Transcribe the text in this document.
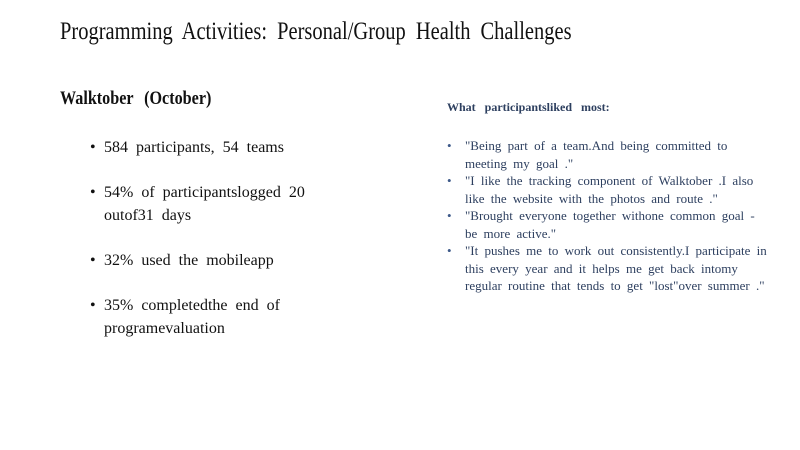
Programming Activities: Personal/Group Health Challenges
Walktober (October)
• 584 participants, 54 teams
• 54% of participantslogged 20 outof31 days
• 32% used the mobileapp
• 35% completedthe end of programevaluation
What participantsliked most:
• "Being part of a team.And being committed to meeting my goal ."
• "I like the tracking component of Walktober .I also like the website with the photos and route ."
• "Brought everyone together withone common goal - be more active."
• "It pushes me to work out consistently.I participate in this every year and it helps me get back intomy regular routine that tends to get "lost"over summer ."
